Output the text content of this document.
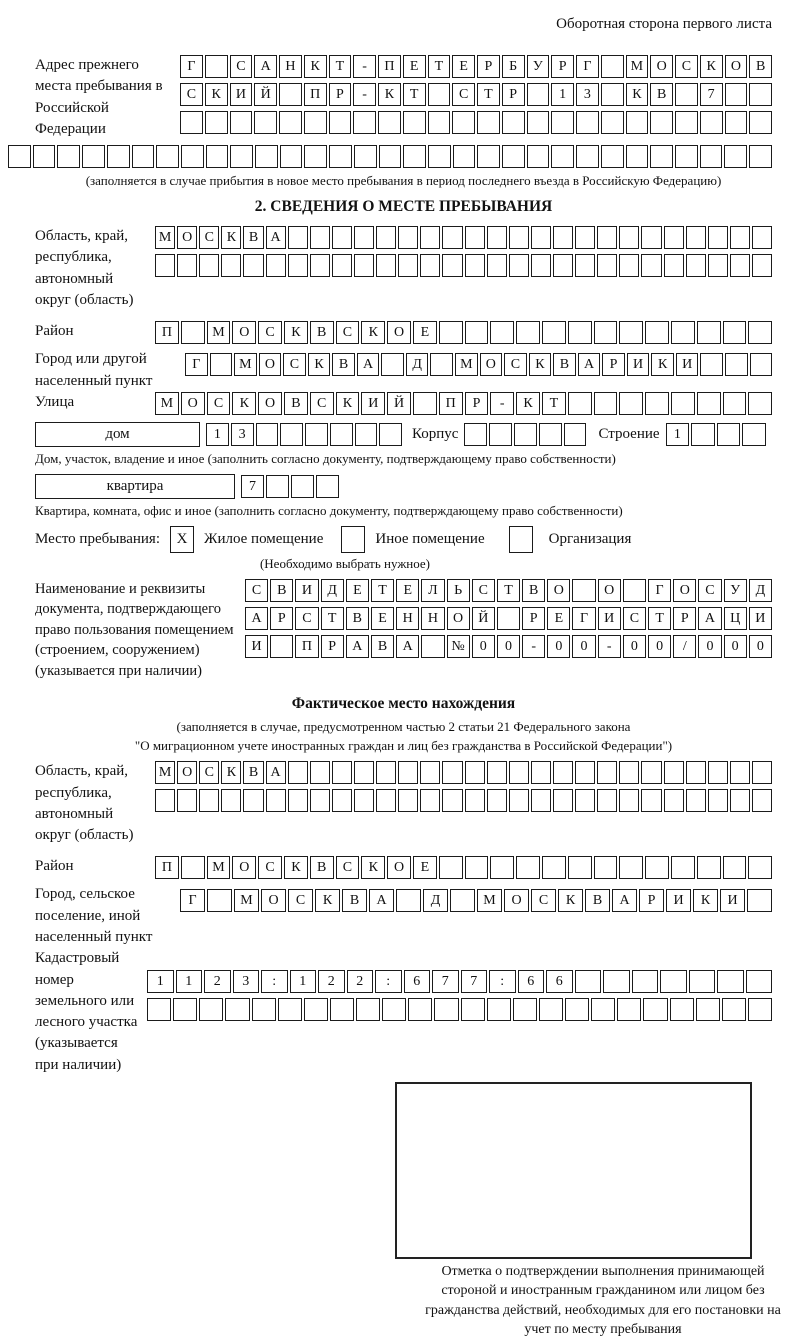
Оборотная сторона первого листа
Адрес прежнего места пребывания в Российской Федерации
Г	С	А	Н	К	Т	-	П	Е	Т	Е	Р	Б	У	Р	Г	М О	С	К	О	В
С	К	И	Й	П	Р	-	К	Т	С	Т	Р	1	3	К	В	7
(заполняется в случае прибытия в новое место пребывания в период последнего въезда в Российскую Федерацию)
2. СВЕДЕНИЯ О МЕСТЕ ПРЕБЫВАНИЯ
Область, край, республика, автономный округ (область)
М О С К В А
Район	П	М	О	С	К	В	С	К	О	Е
Город или другой населенный пункт
Г	М О	С	К	В	А	Д	М О	С	К	В	А	Р	И	К	И
Улица	М	О	С	К	О	В	С	К	И	Й	П	Р	-	К	Т
дом	1	3	Корпус	Строение	1
Дом, участок, владение и иное (заполнить согласно документу, подтверждающему право собственности)
квартира	7
Квартира, комната, офис и иное (заполнить согласно документу, подтверждающему право собственности)
Место пребывания:	X	Жилое помещение	Иное помещение	Организация
(Необходимо выбрать нужное)
Наименование и реквизиты документа, подтверждающего право пользования помещением (строением, сооружением) (указывается при наличии)
С	В	И	Д	Е	Т	Е	Л	Ь	С	Т	В	О	О	Г	О	С	У	Д
А	Р	С	Т	В	Е	Н	Н	О	Й	Р	Е	Г	И	С	Т	Р	А	Ц	И
И	П	Р	А	В	А	№	0	0	-	0	0	-	0	0	/	0	0	0
Фактическое место нахождения
(заполняется в случае, предусмотренном частью 2 статьи 21 Федерального закона
"О миграционном учете иностранных граждан и лиц без гражданства в Российской Федерации")
Область, край, республика, автономный округ (область)
М О С К В А
Район	П	М	О	С	К	В	С	К	О	Е
Город, сельское поселение, иной населенный пункт
Г	М	О	С	К	В	А	Д	М	О	С	К	В	А	Р	И	К	И
Кадастровый номер земельного или лесного участка (указывается при наличии)
1	1	2	3	:	1	2	2	:	6	7	7	:	6	6
Отметка о подтверждении выполнения принимающей стороной и иностранным гражданином или лицом без гражданства действий, необходимых для его постановки на учет по месту пребывания
